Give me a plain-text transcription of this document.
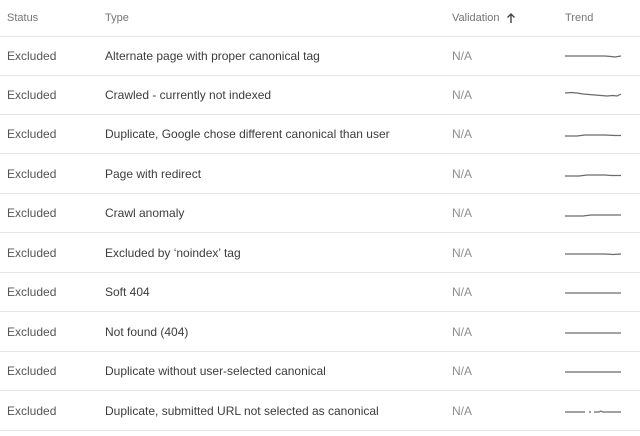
Status	Type	Validation	Trend
Excluded	Alternate page with proper canonical tag	N/A
Excluded	Crawled - currently not indexed	N/A
Excluded	Duplicate, Google chose different canonical than user	N/A
Excluded	Page with redirect	N/A
Excluded	Crawl anomaly	N/A
Excluded	Excluded by ‘noindex’ tag	N/A
Excluded	Soft 404	N/A
Excluded	Not found (404)	N/A
Excluded	Duplicate without user-selected canonical	N/A
Excluded	Duplicate, submitted URL not selected as canonical	N/A
